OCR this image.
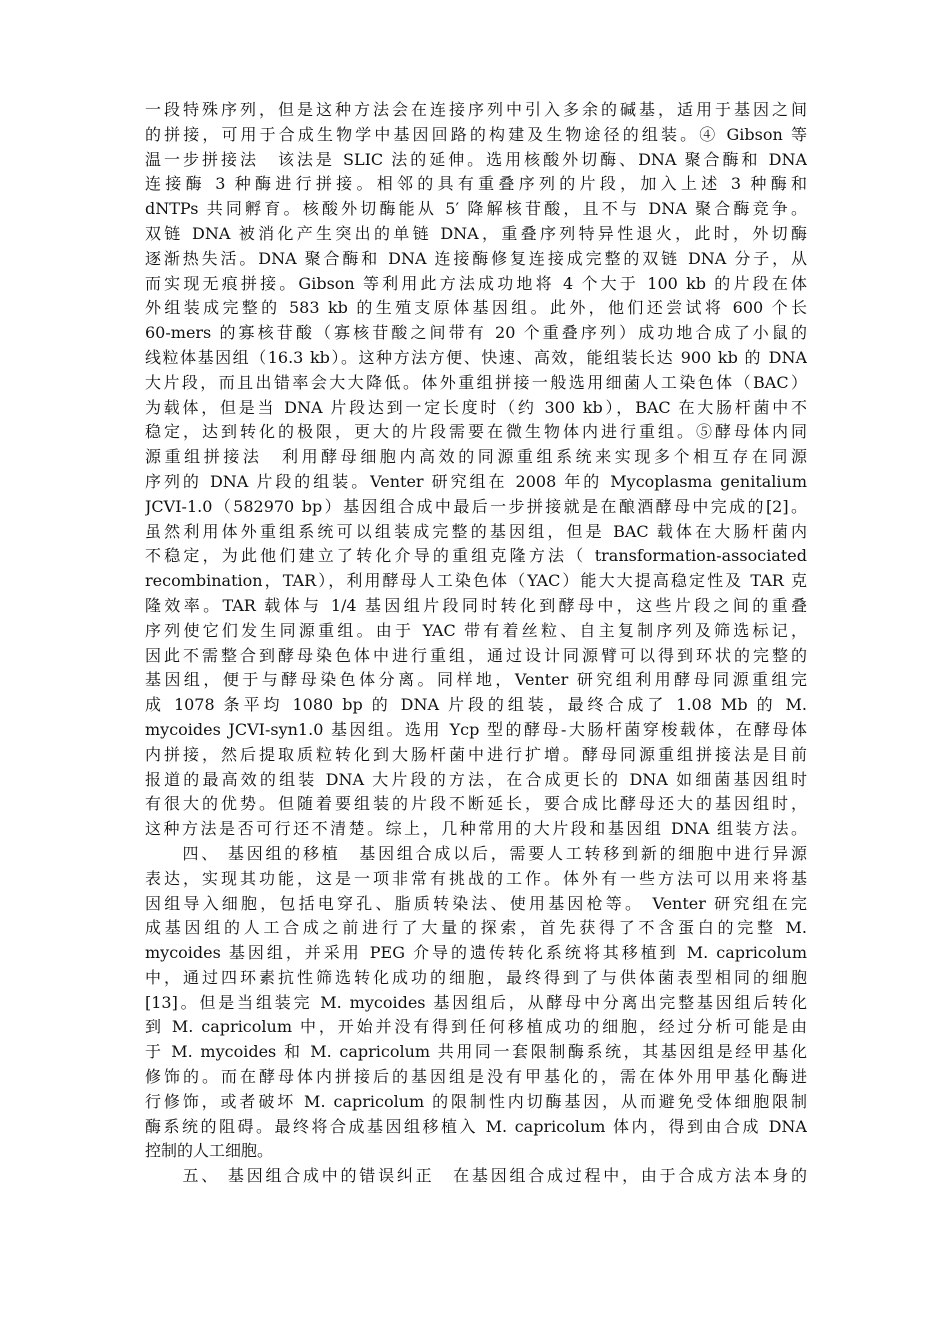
一段特殊序列，但是这种方法会在连接序列中引入多余的碱基，适用于基因之间
的拼接，可用于合成生物学中基因回路的构建及生物途径的组装。④ Gibson 等
温一步拼接法　该法是 SLIC 法的延伸。选用核酸外切酶、DNA 聚合酶和 DNA
连接酶 3 种酶进行拼接。相邻的具有重叠序列的片段，加入上述 3 种酶和
dNTPs 共同孵育。核酸外切酶能从 5′ 降解核苷酸，且不与 DNA 聚合酶竞争。
双链 DNA 被消化产生突出的单链 DNA，重叠序列特异性退火，此时，外切酶
逐渐热失活。DNA 聚合酶和 DNA 连接酶修复连接成完整的双链 DNA 分子，从
而实现无痕拼接。Gibson 等利用此方法成功地将 4 个大于 100 kb 的片段在体
外组装成完整的 583 kb 的生殖支原体基因组。此外，他们还尝试将 600 个长
60-mers 的寡核苷酸（寡核苷酸之间带有 20 个重叠序列）成功地合成了小鼠的
线粒体基因组（16.3 kb）。这种方法方便、快速、高效，能组装长达 900 kb 的 DNA
大片段，而且出错率会大大降低。体外重组拼接一般选用细菌人工染色体（BAC）
为载体，但是当 DNA 片段达到一定长度时（约 300 kb），BAC 在大肠杆菌中不
稳定，达到转化的极限，更大的片段需要在微生物体内进行重组。⑤酵母体内同
源重组拼接法　利用酵母细胞内高效的同源重组系统来实现多个相互存在同源
序列的 DNA 片段的组装。Venter 研究组在 2008 年的 Mycoplasma genitalium
JCVI-1.0（582970 bp）基因组合成中最后一步拼接就是在酿酒酵母中完成的[2]。
虽然利用体外重组系统可以组装成完整的基因组，但是 BAC 载体在大肠杆菌内
不稳定，为此他们建立了转化介导的重组克隆方法（ transformation-associated
recombination，TAR），利用酵母人工染色体（YAC）能大大提高稳定性及 TAR 克
隆效率。TAR 载体与 1/4 基因组片段同时转化到酵母中，这些片段之间的重叠
序列使它们发生同源重组。由于 YAC 带有着丝粒、自主复制序列及筛选标记，
因此不需整合到酵母染色体中进行重组，通过设计同源臂可以得到环状的完整的
基因组，便于与酵母染色体分离。同样地，Venter 研究组利用酵母同源重组完
成 1078 条平均 1080 bp 的 DNA 片段的组装，最终合成了 1.08 Mb 的 M.
mycoides JCVI-syn1.0 基因组。选用 Ycp 型的酵母-大肠杆菌穿梭载体，在酵母体
内拼接，然后提取质粒转化到大肠杆菌中进行扩增。酵母同源重组拼接法是目前
报道的最高效的组装 DNA 大片段的方法，在合成更长的 DNA 如细菌基因组时
有很大的优势。但随着要组装的片段不断延长，要合成比酵母还大的基因组时，
这种方法是否可行还不清楚。综上，几种常用的大片段和基因组 DNA 组装方法。
　　四、 基因组的移植　基因组合成以后，需要人工转移到新的细胞中进行异源
表达，实现其功能，这是一项非常有挑战的工作。体外有一些方法可以用来将基
因组导入细胞，包括电穿孔、脂质转染法、使用基因枪等。 Venter 研究组在完
成基因组的人工合成之前进行了大量的探索，首先获得了不含蛋白的完整 M.
mycoides 基因组，并采用 PEG 介导的遗传转化系统将其移植到 M. capricolum
中，通过四环素抗性筛选转化成功的细胞，最终得到了与供体菌表型相同的细胞
[13]。但是当组装完 M. mycoides 基因组后，从酵母中分离出完整基因组后转化
到 M. capricolum 中，开始并没有得到任何移植成功的细胞，经过分析可能是由
于 M. mycoides 和 M. capricolum 共用同一套限制酶系统，其基因组是经甲基化
修饰的。而在酵母体内拼接后的基因组是没有甲基化的，需在体外用甲基化酶进
行修饰，或者破坏 M. capricolum 的限制性内切酶基因，从而避免受体细胞限制
酶系统的阻碍。最终将合成基因组移植入 M. capricolum 体内，得到由合成 DNA
控制的人工细胞。
　　五、 基因组合成中的错误纠正　在基因组合成过程中，由于合成方法本身的
